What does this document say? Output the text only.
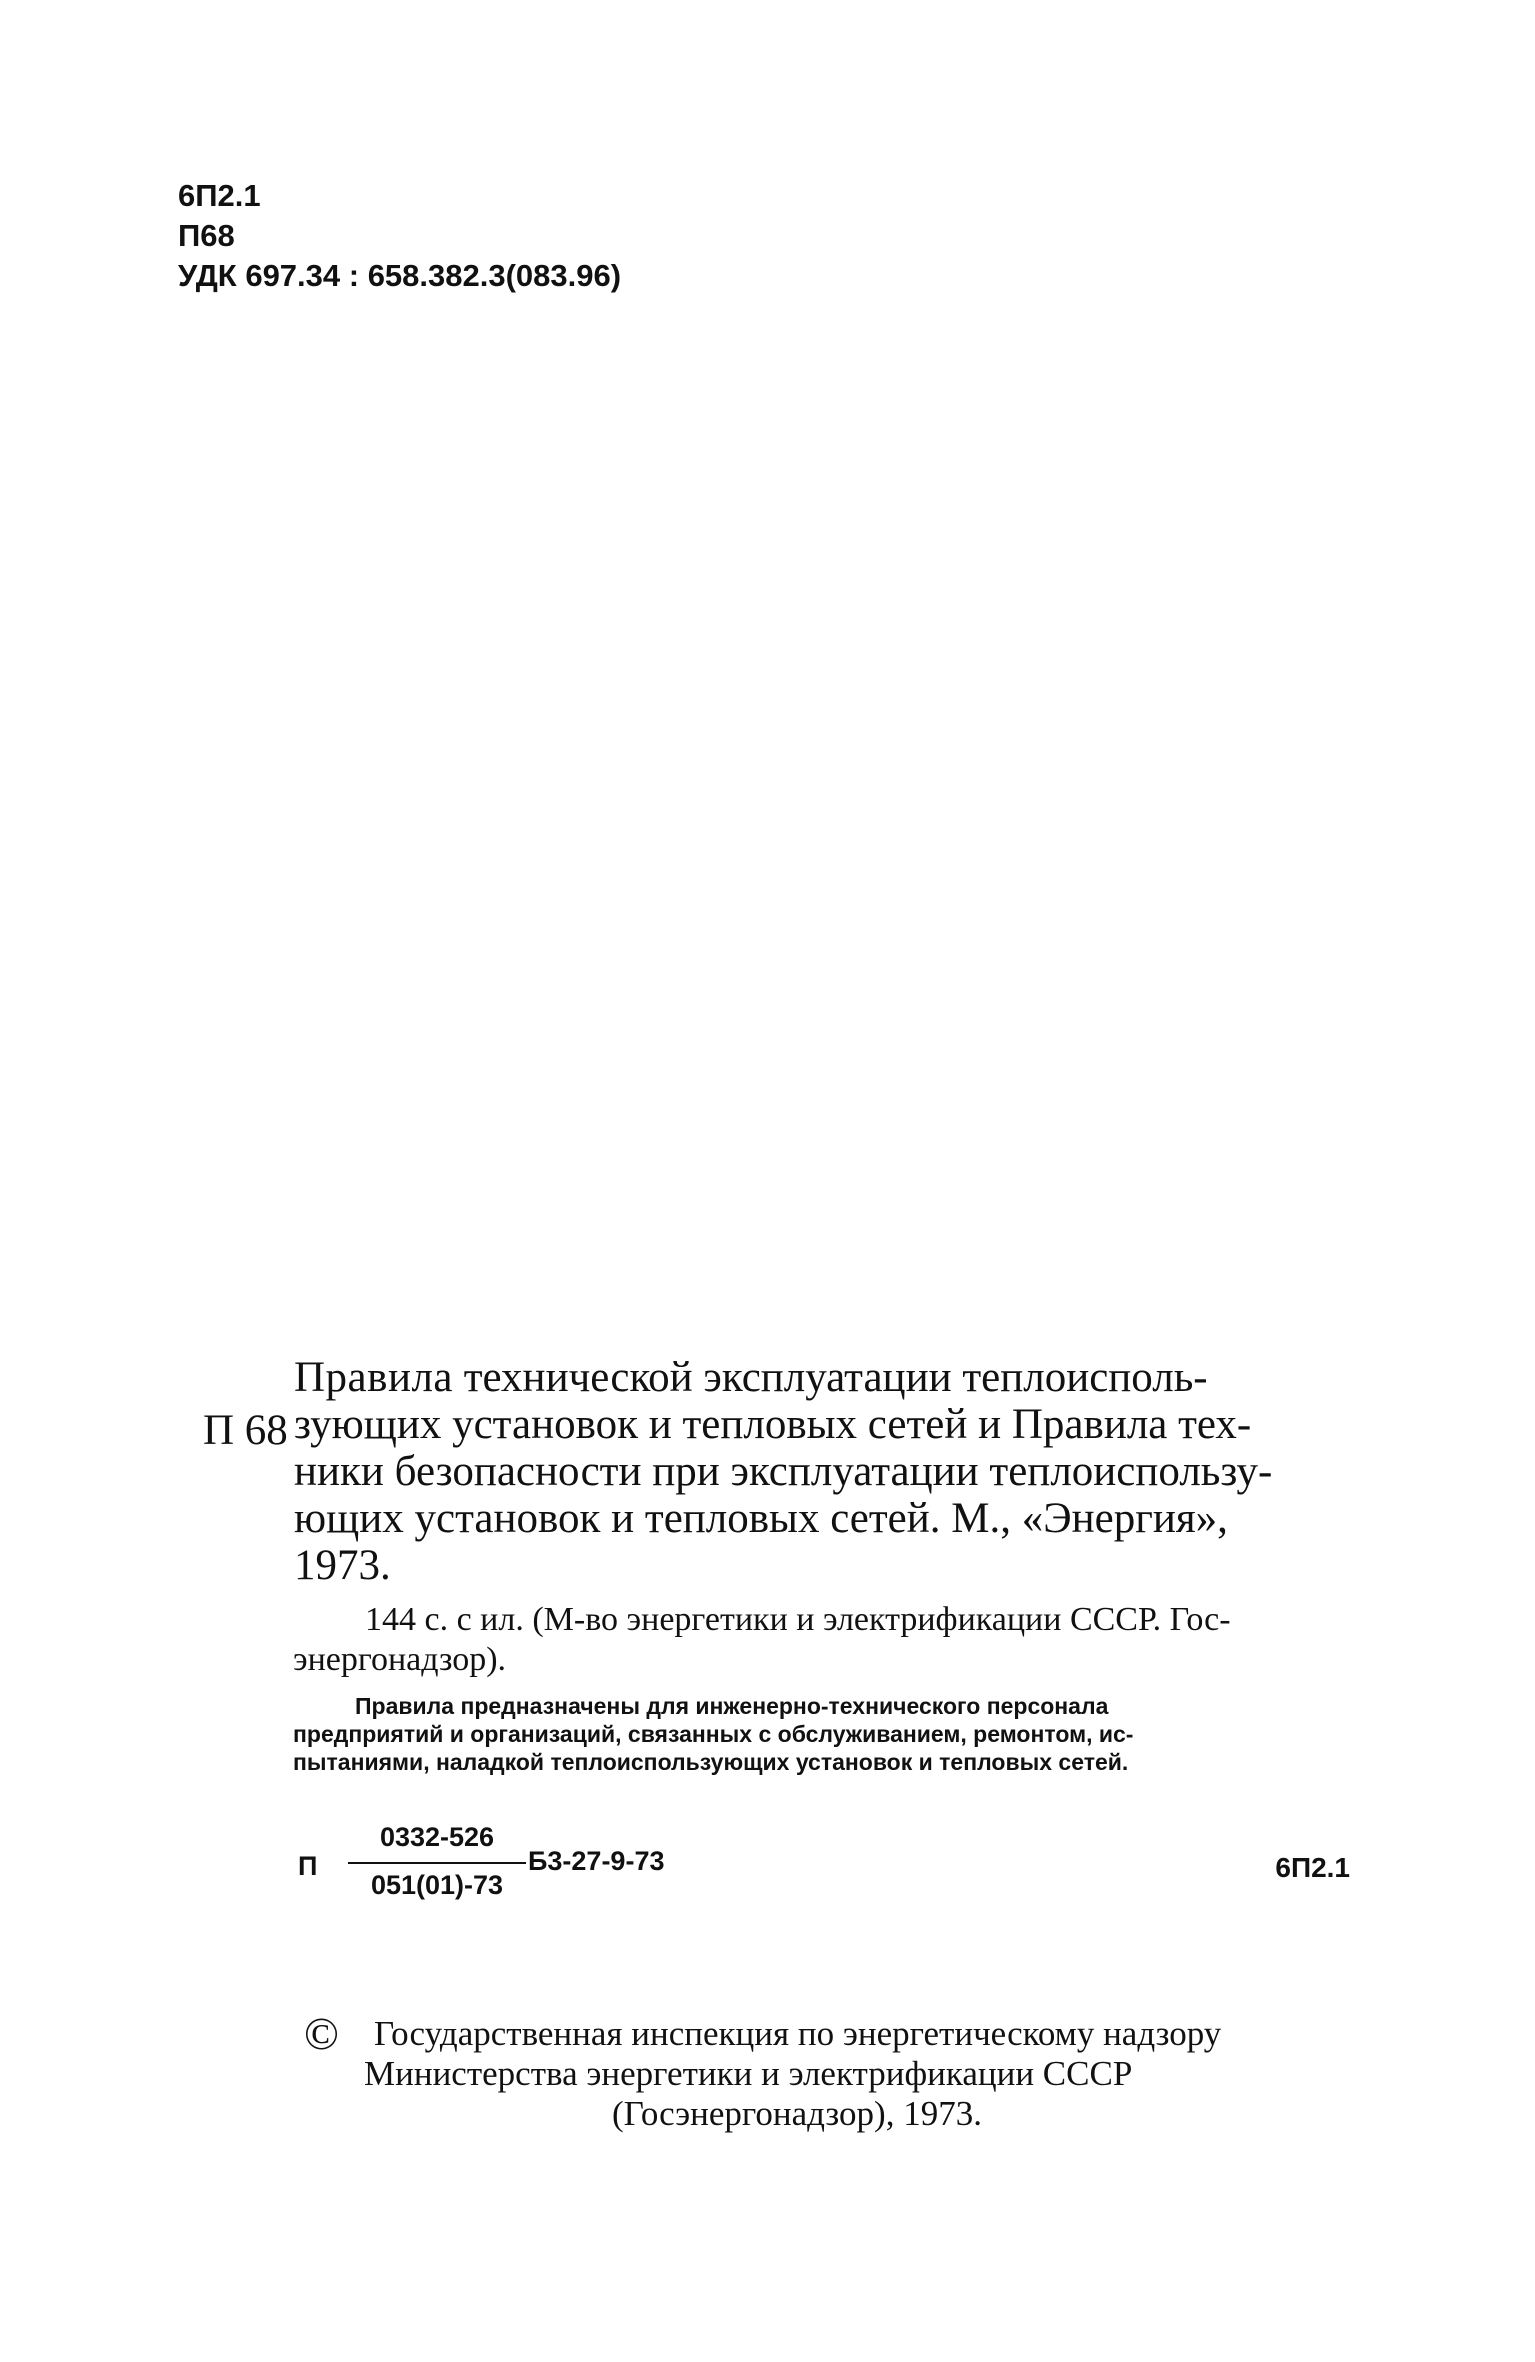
6П2.1
П68
УДК 697.34 : 658.382.3(083.96)
П 68
Правила технической эксплуатации теплоисполь-
зующих установок и тепловых сетей и Правила тех-
ники безопасности при эксплуатации теплоиспользу-
ющих установок и тепловых сетей. М., «Энергия»,
1973.
144 с. с ил. (М-во энергетики и электрификации СССР. Гос-
энергонадзор).
Правила предназначены для инженерно-технического персонала
предприятий и организаций, связанных с обслуживанием, ремонтом, ис-
пытаниями, наладкой теплоиспользующих установок и тепловых сетей.
П
0332-526
051(01)-73
Б3-27-9-73	6П2.1
©	Государственная инспекция по энергетическому надзору
Министерства энергетики и электрификации СССР
(Госэнергонадзор), 1973.
